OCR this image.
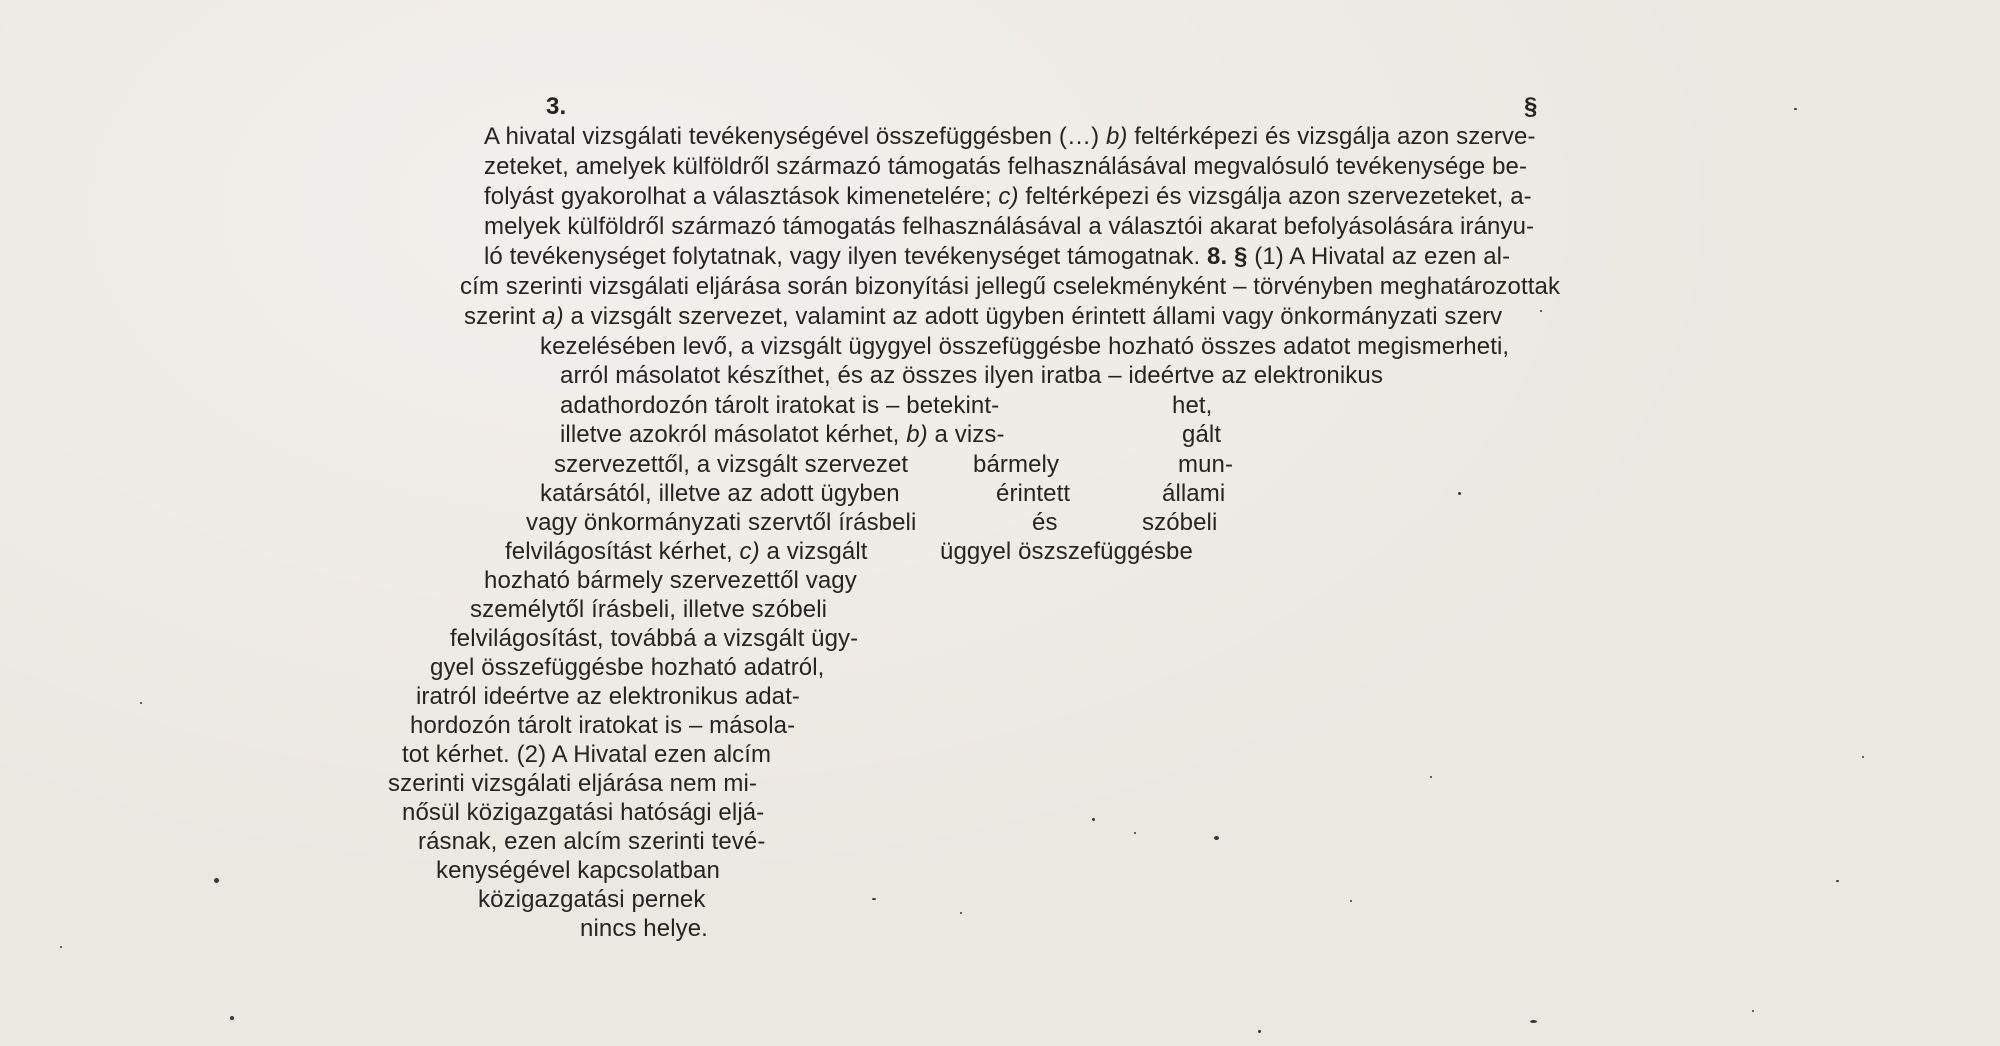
3.	§
A hivatal vizsgálati tevékenységével összefüggésben (…) b) feltérképezi és vizsgálja azon szerve-
zeteket, amelyek külföldről származó támogatás felhasználásával megvalósuló tevékenysége be-
folyást gyakorolhat a választások kimenetelére; c) feltérképezi és vizsgálja azon szervezeteket, a-
melyek külföldről származó támogatás felhasználásával a választói akarat befolyásolására irányu-
ló tevékenységet folytatnak, vagy ilyen tevékenységet támogatnak. 8. § (1) A Hivatal az ezen al-
cím szerinti vizsgálati eljárása során bizonyítási jellegű cselekményként – törvényben meghatározottak
szerint a) a vizsgált szervezet, valamint az adott ügyben érintett állami vagy önkormányzati szerv
kezelésében levő, a vizsgált ügygyel összefüggésbe hozható összes adatot megismerheti,
arról másolatot készíthet, és az összes ilyen iratba – ideértve az elektronikus
adathordozón tárolt iratokat is – betekint-	het,
illetve azokról másolatot kérhet, b) a vizs-	gált
szervezettől, a vizsgált szervezet	bármely	mun-
katársától, illetve az adott ügyben	érintett	állami
vagy önkormányzati szervtől írásbeli	és	szóbeli
felvilágosítást kérhet, c) a vizsgált	üggyel öszszefüggésbe
hozható bármely szervezettől vagy
személytől írásbeli, illetve szóbeli
felvilágosítást, továbbá a vizsgált ügy-
gyel összefüggésbe hozható adatról,
iratról ideértve az elektronikus adat-
hordozón tárolt iratokat is – másola-
tot kérhet. (2) A Hivatal ezen alcím
szerinti vizsgálati eljárása nem mi-
nősül közigazgatási hatósági eljá-
rásnak, ezen alcím szerinti tevé-
kenységével kapcsolatban
közigazgatási pernek
nincs helye.
